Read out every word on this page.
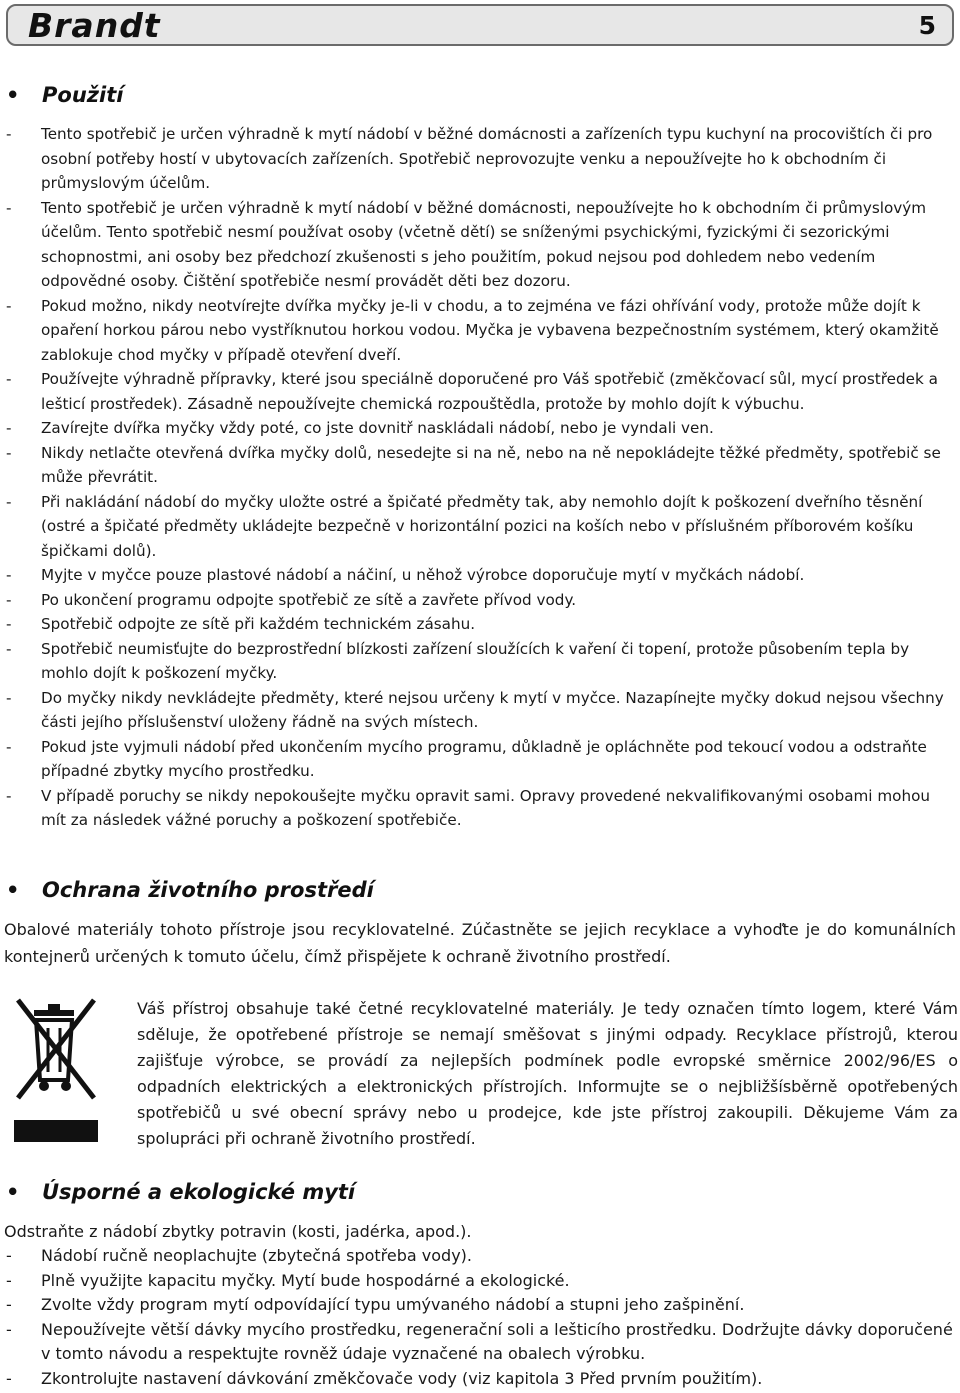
Brandt	5
• Použití
- Tento spotřebič je určen výhradně k mytí nádobí v běžné domácnosti a zařízeních typu kuchyní na procovištích či pro osobní potřeby hostí v ubytovacích zařízeních. Spotřebič neprovozujte venku a nepoužívejte ho k obchodním či průmyslovým účelům.
- Tento spotřebič je určen výhradně k mytí nádobí v běžné domácnosti, nepoužívejte ho k obchodním či průmyslovým účelům. Tento spotřebič nesmí používat osoby (včetně dětí) se sníženými psychickými, fyzickými či sezorickými schopnostmi, ani osoby bez předchozí zkušenosti s jeho použitím, pokud nejsou pod dohledem nebo vedením odpovědné osoby. Čištění spotřebiče nesmí provádět děti bez dozoru.
- Pokud možno, nikdy neotvírejte dvířka myčky je-li v chodu, a to zejména ve fázi ohřívání vody, protože může dojít k opaření horkou párou nebo vystříknutou horkou vodou. Myčka je vybavena bezpečnostním systémem, který okamžitě zablokuje chod myčky v případě otevření dveří.
- Používejte výhradně přípravky, které jsou speciálně doporučené pro Váš spotřebič (změkčovací sůl, mycí prostředek a lešticí prostředek). Zásadně nepoužívejte chemická rozpouštědla, protože by mohlo dojít k výbuchu.
- Zavírejte dvířka myčky vždy poté, co jste dovnitř naskládali nádobí, nebo je vyndali ven.
- Nikdy netlačte otevřená dvířka myčky dolů, nesedejte si na ně, nebo na ně nepokládejte těžké předměty, spotřebič se může převrátit.
- Při nakládání nádobí do myčky uložte ostré a špičaté předměty tak, aby nemohlo dojít k poškození dveřního těsnění (ostré a špičaté předměty ukládejte bezpečně v horizontální pozici na koších nebo v příslušném příborovém košíku špičkami dolů).
- Myjte v myčce pouze plastové nádobí a náčiní, u něhož výrobce doporučuje mytí v myčkách nádobí.
- Po ukončení programu odpojte spotřebič ze sítě a zavřete přívod vody.
- Spotřebič odpojte ze sítě při každém technickém zásahu.
- Spotřebič neumisťujte do bezprostřední blízkosti zařízení sloužících k vaření či topení, protože působením tepla by mohlo dojít k poškození myčky.
- Do myčky nikdy nevkládejte předměty, které nejsou určeny k mytí v myčce. Nazapínejte myčky dokud nejsou všechny části jejího příslušenství uloženy řádně na svých místech.
- Pokud jste vyjmuli nádobí před ukončením mycího programu, důkladně je opláchněte pod tekoucí vodou a odstraňte případné zbytky mycího prostředku.
- V případě poruchy se nikdy nepokoušejte myčku opravit sami. Opravy provedené nekvalifikovanými osobami mohou mít za následek vážné poruchy a poškození spotřebiče.
• Ochrana životního prostředí
Obalové materiály tohoto přístroje jsou recyklovatelné. Zúčastněte se jejich recyklace a vyhoďte je do komunálních kontejnerů určených k tomuto účelu, čímž přispějete k ochraně životního prostředí.
Váš přístroj obsahuje také četné recyklovatelné materiály. Je tedy označen tímto logem, které Vám sděluje, že opotřebené přístroje se nemají směšovat s jinými odpady. Recyklace přístrojů, kterou zajišťuje výrobce, se provádí za nejlepších podmínek podle evropské směrnice 2002/96/ES o odpadních elektrických a elektronických přístrojích. Informujte se o nejbližšísběrně opotřebených spotřebičů u své obecní správy nebo u prodejce, kde jste přístroj zakoupili. Děkujeme Vám za spolupráci při ochraně životního prostředí.
• Úsporné a ekologické mytí
Odstraňte z nádobí zbytky potravin (kosti, jadérka, apod.).
- Nádobí ručně neoplachujte (zbytečná spotřeba vody).
- Plně využijte kapacitu myčky. Mytí bude hospodárné a ekologické.
- Zvolte vždy program mytí odpovídající typu umývaného nádobí a stupni jeho zašpinění.
- Nepoužívejte větší dávky mycího prostředku, regenerační soli a lešticího prostředku. Dodržujte dávky doporučené v tomto návodu a respektujte rovněž údaje vyznačené na obalech výrobku.
- Zkontrolujte nastavení dávkování změkčovače vody (viz kapitola 3 Před prvním použitím).
